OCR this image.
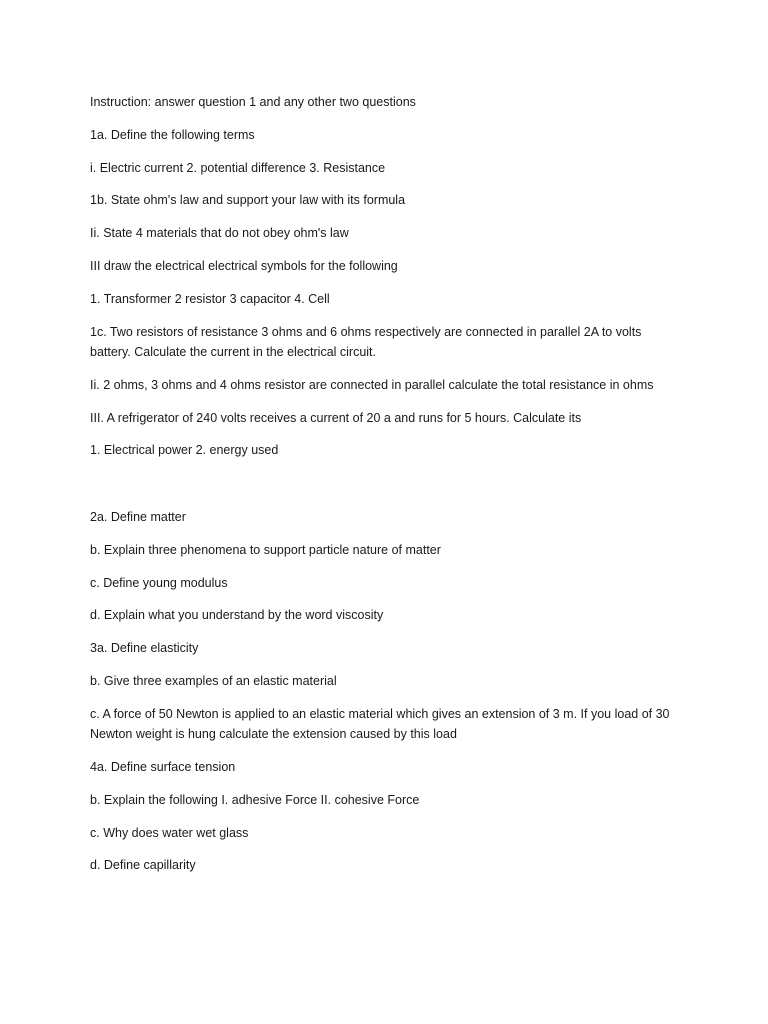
Instruction: answer question 1 and any other two questions
1a. Define the following terms
i. Electric current 2. potential difference 3. Resistance
1b. State ohm's law and support your law with its formula
Ii. State 4 materials that do not obey ohm's law
III draw the electrical electrical symbols for the following
1. Transformer 2 resistor 3 capacitor 4. Cell
1c. Two resistors of resistance 3 ohms and 6 ohms respectively are connected in parallel 2A to volts battery. Calculate the current in the electrical circuit.
Ii. 2 ohms, 3 ohms and 4 ohms resistor are connected in parallel calculate the total resistance in ohms
III. A refrigerator of 240 volts receives a current of 20 a and runs for 5 hours. Calculate its
1. Electrical power 2. energy used
2a. Define matter
b. Explain three phenomena to support particle nature of matter
c. Define young modulus
d. Explain what you understand by the word viscosity
3a. Define elasticity
b. Give three examples of an elastic material
c. A force of 50 Newton is applied to an elastic material which gives an extension of 3 m. If you load of 30 Newton weight is hung calculate the extension caused by this load
4a. Define surface tension
b. Explain the following I. adhesive Force II. cohesive Force
c. Why does water wet glass
d. Define capillarity
